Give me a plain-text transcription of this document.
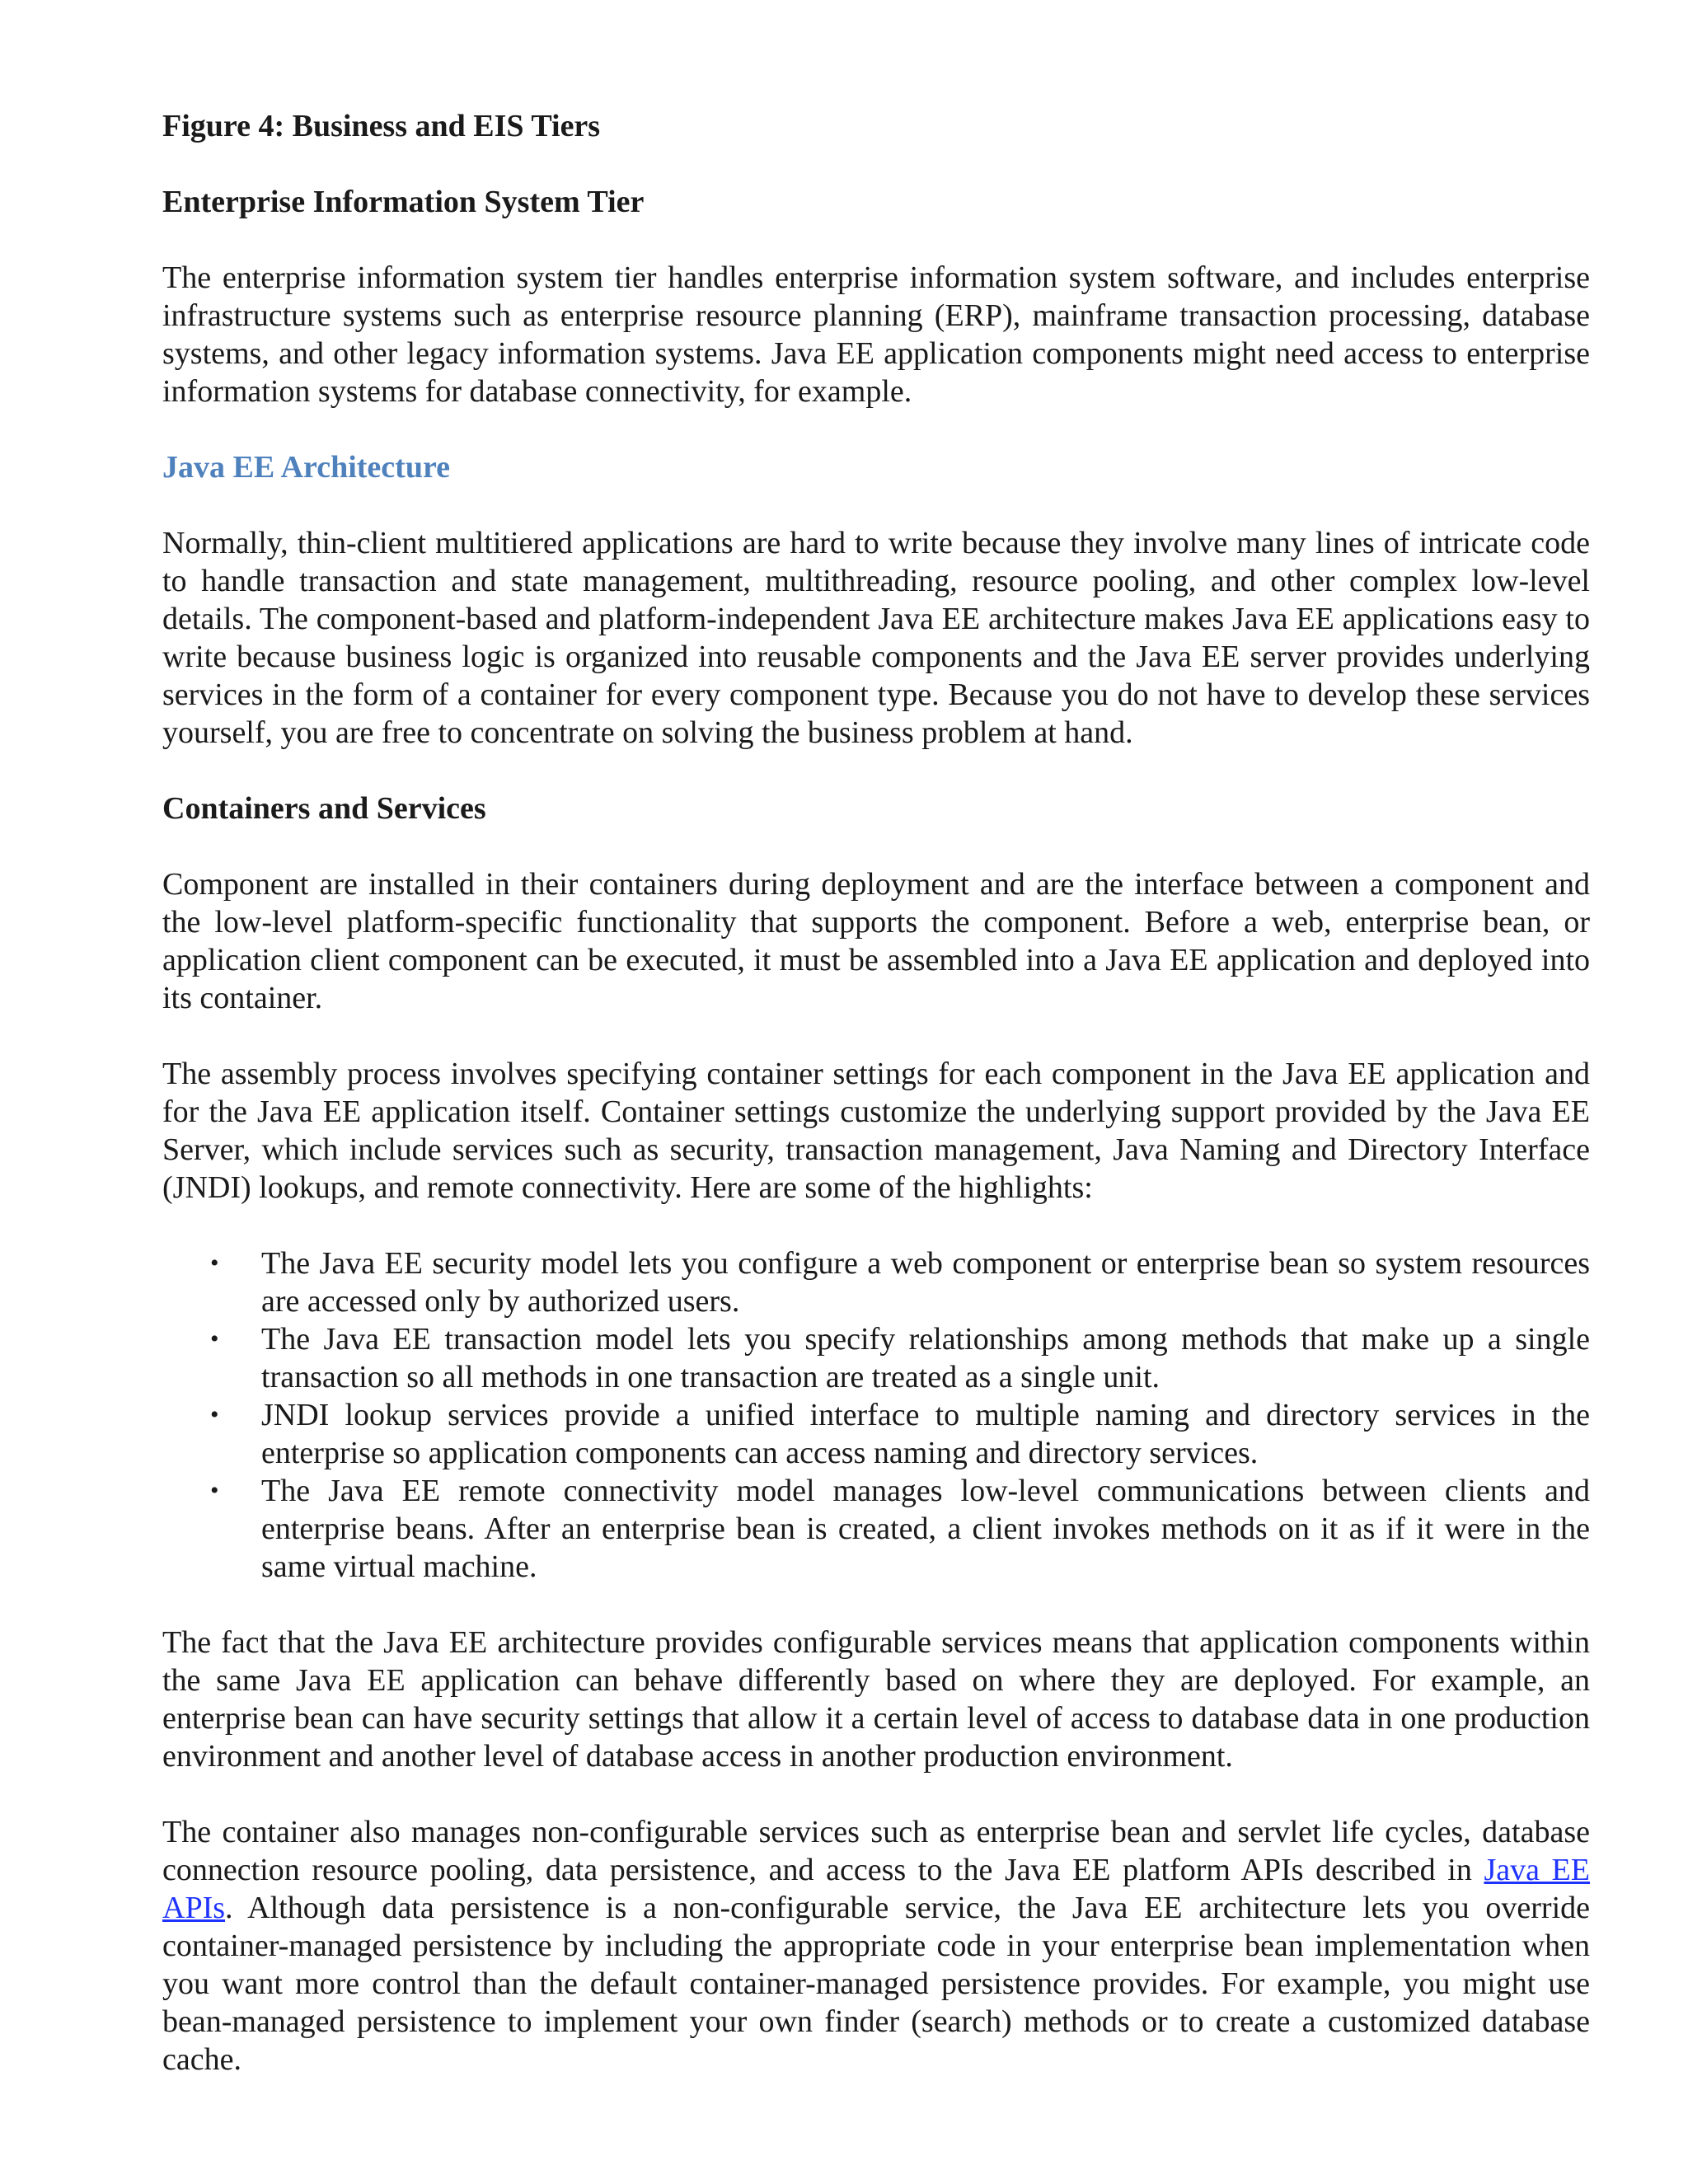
Figure 4: Business and EIS Tiers
Enterprise Information System Tier

The enterprise information system tier handles enterprise information system software, and includes enterprise infrastructure systems such as enterprise resource planning (ERP), mainframe transaction processing, database systems, and other legacy information systems. Java EE application components might need access to enterprise information systems for database connectivity, for example.

Java EE Architecture

Normally, thin-client multitiered applications are hard to write because they involve many lines of intricate code to handle transaction and state management, multithreading, resource pooling, and other complex low-level details. The component-based and platform-independent Java EE architecture makes Java EE applications easy to write because business logic is organized into reusable components and the Java EE server provides underlying services in the form of a container for every component type. Because you do not have to develop these services yourself, you are free to concentrate on solving the business problem at hand.

Containers and Services

Component are installed in their containers during deployment and are the interface between a component and the low-level platform-specific functionality that supports the component. Before a web, enterprise bean, or application client component can be executed, it must be assembled into a Java EE application and deployed into its container.

The assembly process involves specifying container settings for each component in the Java EE application and for the Java EE application itself. Container settings customize the underlying support provided by the Java EE Server, which include services such as security, transaction management, Java Naming and Directory Interface (JNDI) lookups, and remote connectivity. Here are some of the highlights:

• The Java EE security model lets you configure a web component or enterprise bean so system resources are accessed only by authorized users.
• The Java EE transaction model lets you specify relationships among methods that make up a single transaction so all methods in one transaction are treated as a single unit.
• JNDI lookup services provide a unified interface to multiple naming and directory services in the enterprise so application components can access naming and directory services.
• The Java EE remote connectivity model manages low-level communications between clients and enterprise beans. After an enterprise bean is created, a client invokes methods on it as if it were in the same virtual machine.

The fact that the Java EE architecture provides configurable services means that application components within the same Java EE application can behave differently based on where they are deployed. For example, an enterprise bean can have security settings that allow it a certain level of access to database data in one production environment and another level of database access in another production environment.

The container also manages non-configurable services such as enterprise bean and servlet life cycles, database connection resource pooling, data persistence, and access to the Java EE platform APIs described in Java EE APIs. Although data persistence is a non-configurable service, the Java EE architecture lets you override container-managed persistence by including the appropriate code in your enterprise bean implementation when you want more control than the default container-managed persistence provides. For example, you might use bean-managed persistence to implement your own finder (search) methods or to create a customized database cache.
